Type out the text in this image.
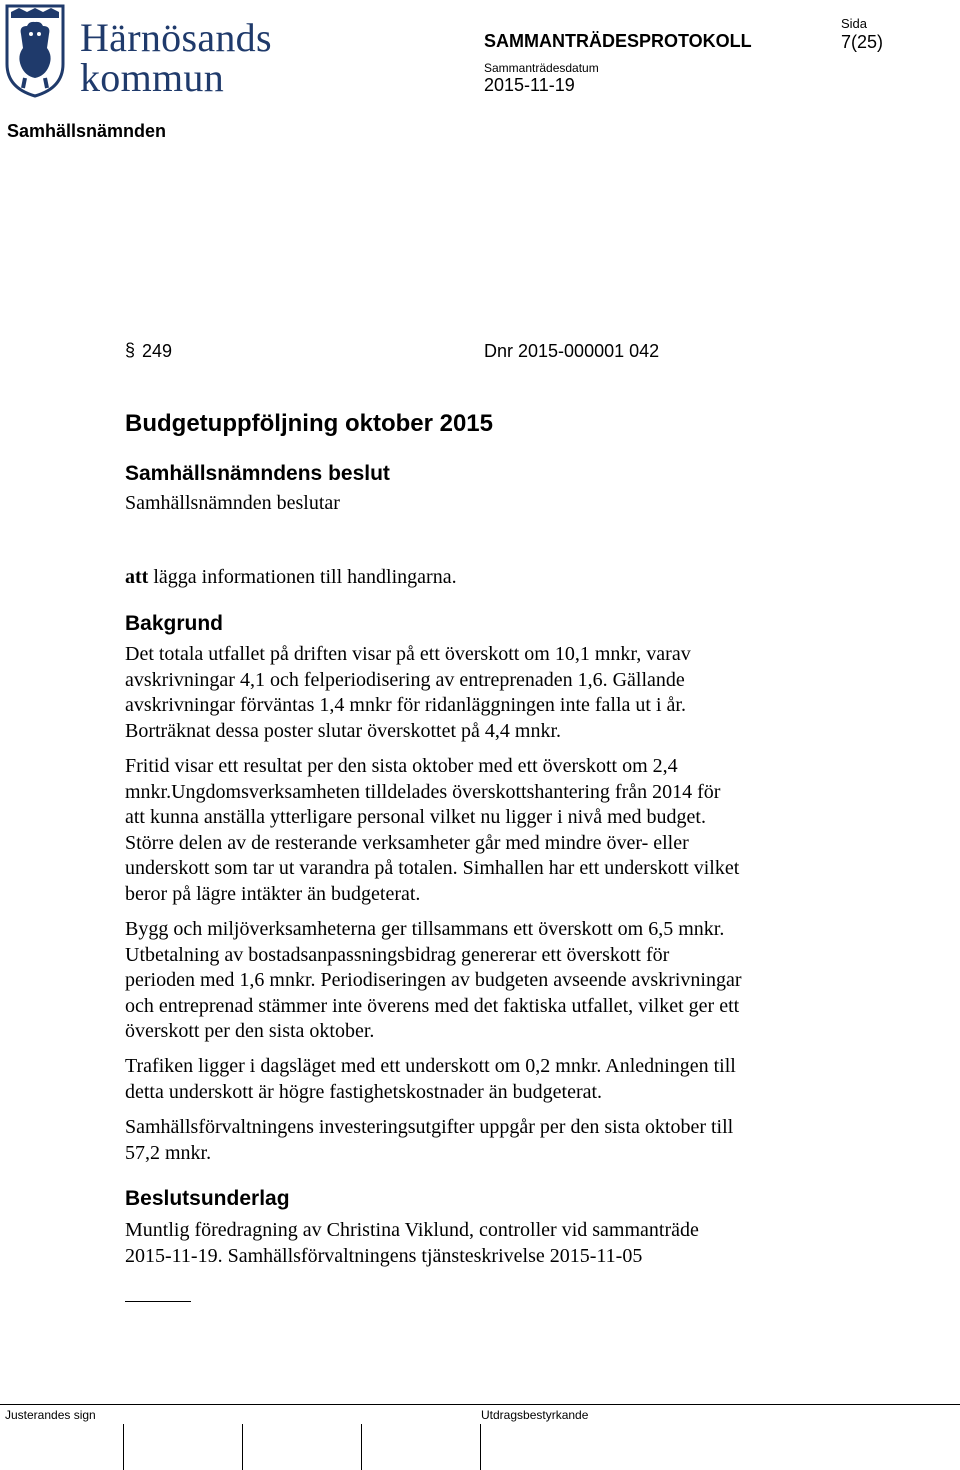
Härnösands
kommun
SAMMANTRÄDESPROTOKOLL
Sida
7(25)
Sammanträdesdatum
2015-11-19
Samhällsnämnden
§ 249	Dnr 2015-000001 042
Budgetuppföljning oktober 2015
Samhällsnämndens beslut
Samhällsnämnden beslutar
att lägga informationen till handlingarna.
Bakgrund
Det totala utfallet på driften visar på ett överskott om 10,1 mnkr, varav
avskrivningar 4,1 och felperiodisering av entreprenaden 1,6. Gällande
avskrivningar förväntas 1,4 mnkr för ridanläggningen inte falla ut i år.
Borträknat dessa poster slutar överskottet på 4,4 mnkr.
Fritid visar ett resultat per den sista oktober med ett överskott om 2,4
mnkr.Ungdomsverksamheten tilldelades överskottshantering från 2014 för
att kunna anställa ytterligare personal vilket nu ligger i nivå med budget.
Större delen av de resterande verksamheter går med mindre över- eller
underskott som tar ut varandra på totalen. Simhallen har ett underskott vilket
beror på lägre intäkter än budgeterat.
Bygg och miljöverksamheterna ger tillsammans ett överskott om 6,5 mnkr.
Utbetalning av bostadsanpassningsbidrag genererar ett överskott för
perioden med 1,6 mnkr. Periodiseringen av budgeten avseende avskrivningar
och entreprenad stämmer inte överens med det faktiska utfallet, vilket ger ett
överskott per den sista oktober.
Trafiken ligger i dagsläget med ett underskott om 0,2 mnkr. Anledningen till
detta underskott är högre fastighetskostnader än budgeterat.
Samhällsförvaltningens investeringsutgifter uppgår per den sista oktober till
57,2 mnkr.
Beslutsunderlag
Muntlig föredragning av Christina Viklund, controller vid sammanträde
2015-11-19. Samhällsförvaltningens tjänsteskrivelse 2015-11-05
Justerandes sign	Utdragsbestyrkande
